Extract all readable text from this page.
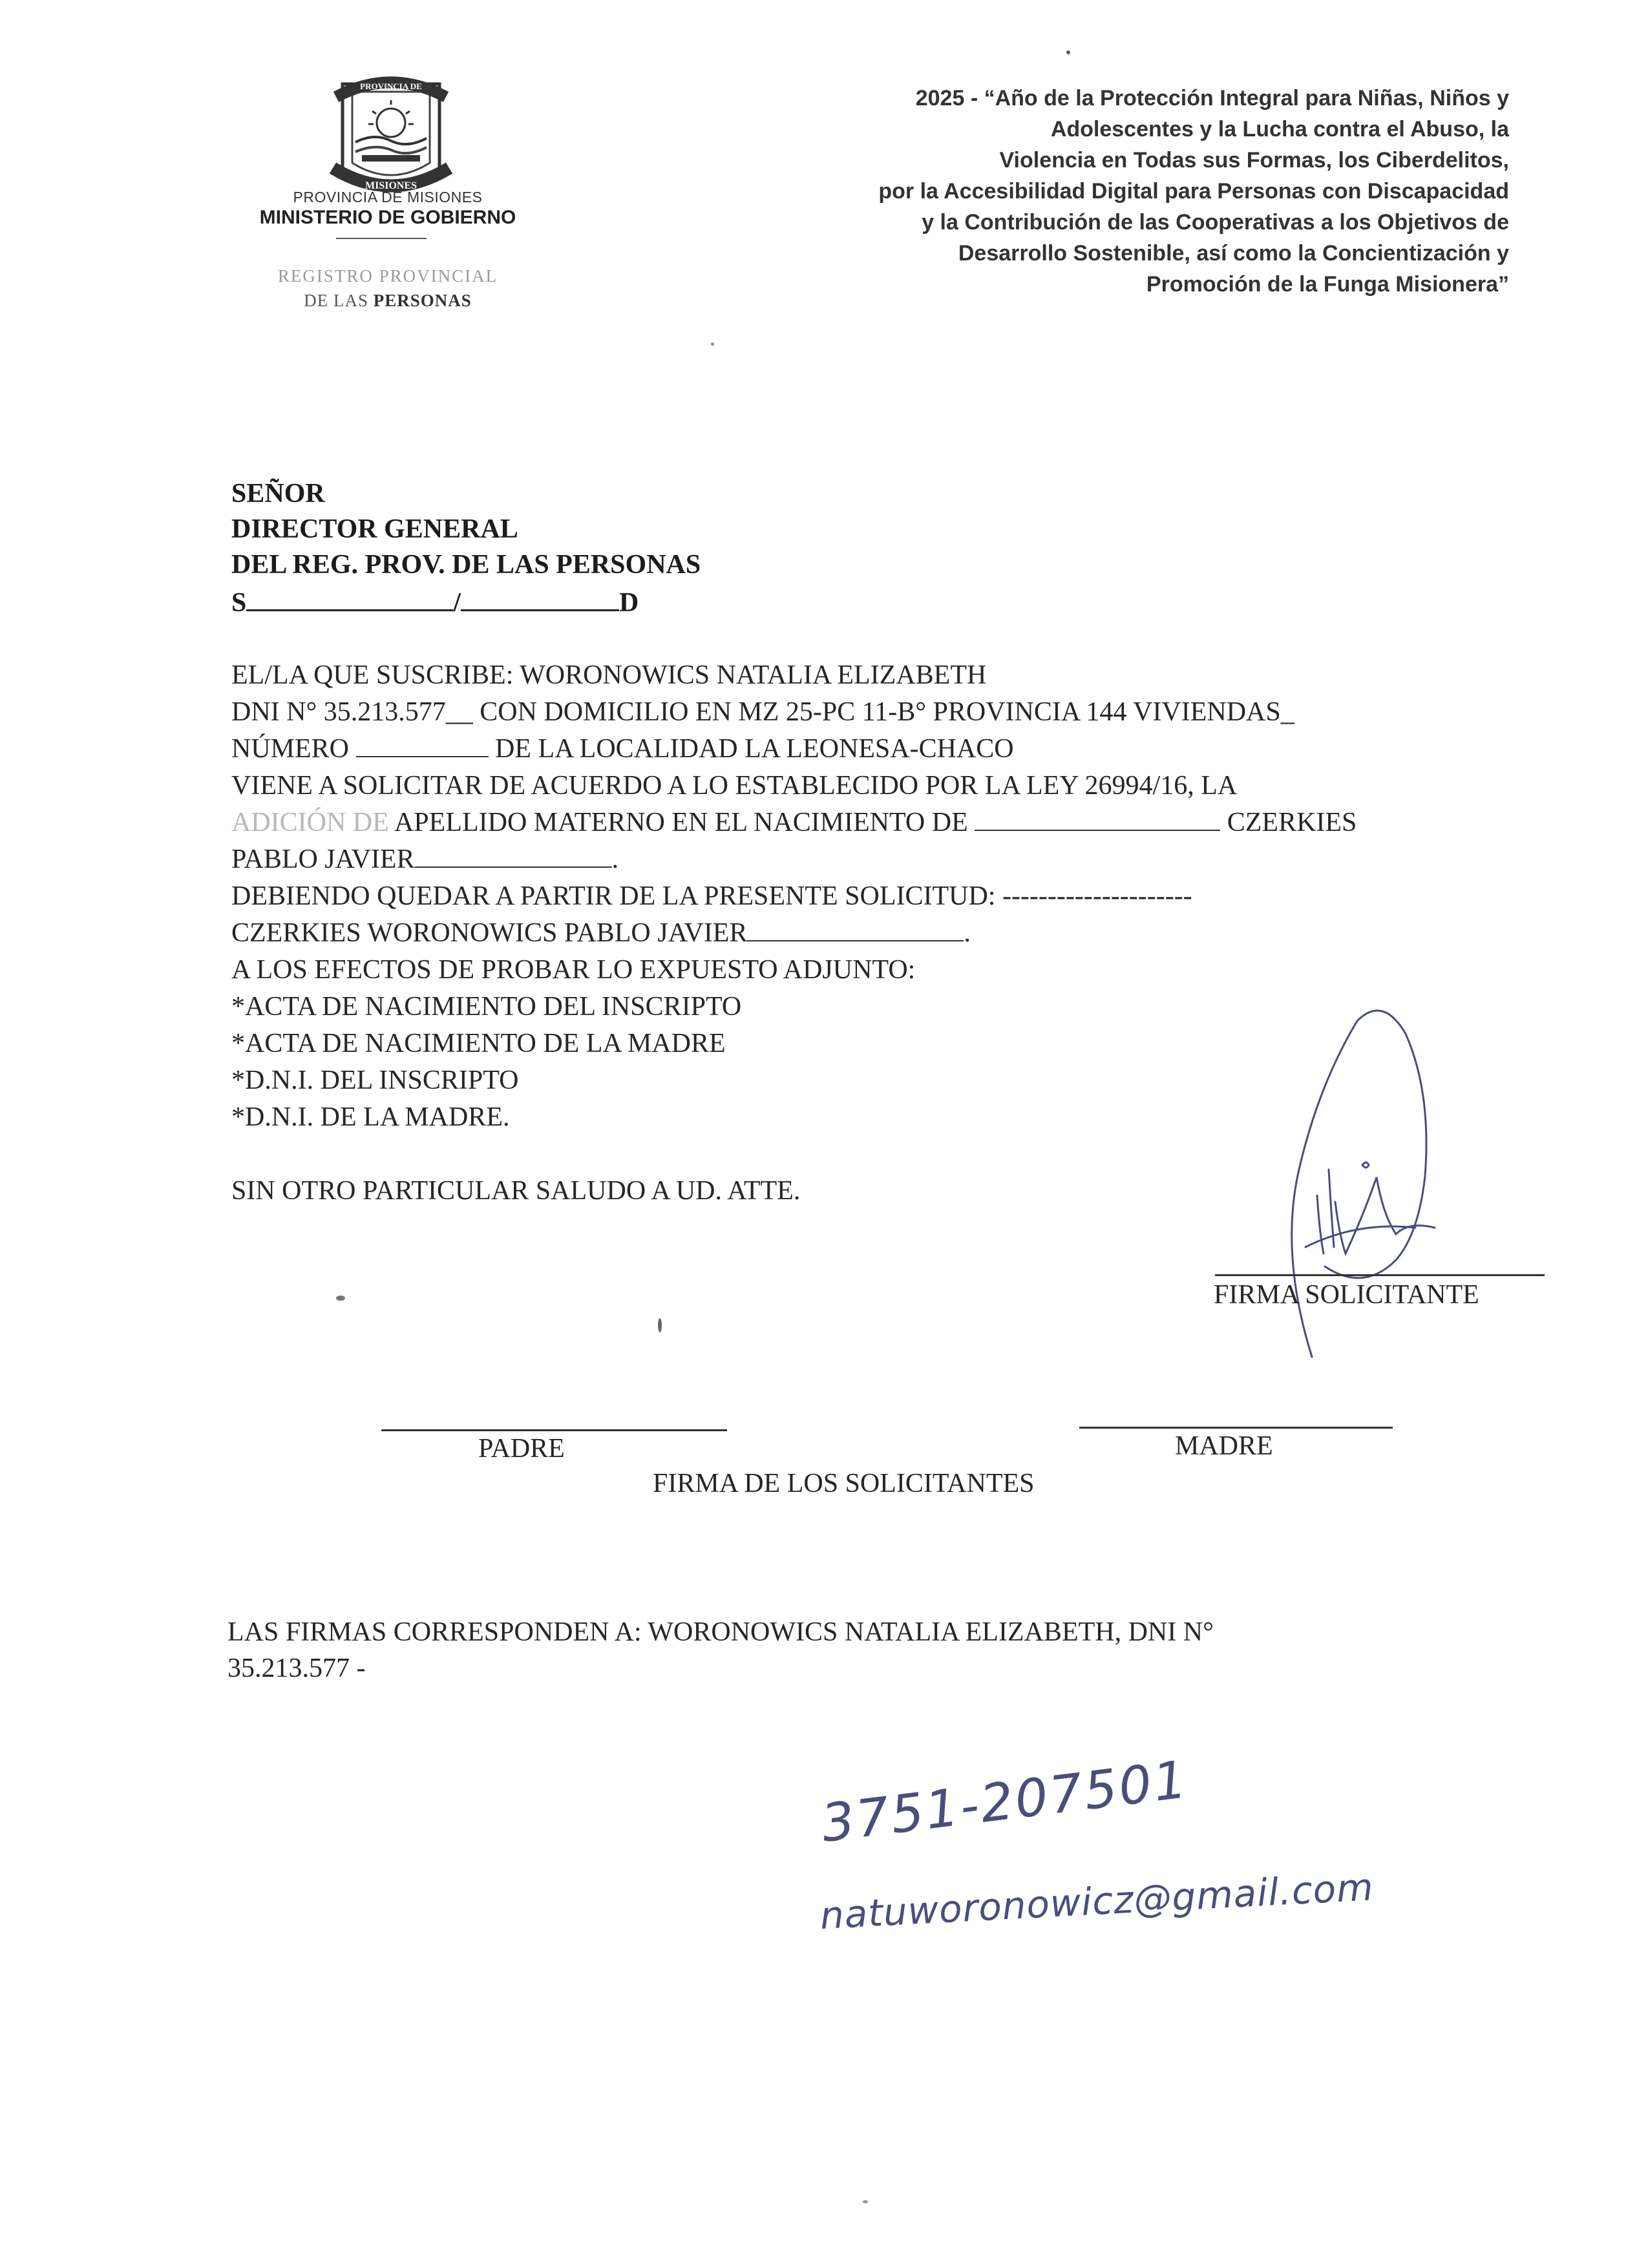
PROVINCIA DE
MISIONES
PROVINCIA DE MISIONES
MINISTERIO DE GOBIERNO
REGISTRO PROVINCIAL
DE LAS PERSONAS
2025 - “Año de la Protección Integral para Niñas, Niños y
Adolescentes y la Lucha contra el Abuso, la
Violencia en Todas sus Formas, los Ciberdelitos,
por la Accesibilidad Digital para Personas con Discapacidad
y la Contribución de las Cooperativas a los Objetivos de
Desarrollo Sostenible, así como la Concientización y
Promoción de la Funga Misionera”
SEÑOR
DIRECTOR GENERAL
DEL REG. PROV. DE LAS PERSONAS
S	/	D
EL/LA QUE SUSCRIBE: WORONOWICS NATALIA ELIZABETH
DNI N° 35.213.577__ CON DOMICILIO EN MZ 25-PC 11-B° PROVINCIA 144 VIVIENDAS_
NÚMERO	DE LA LOCALIDAD LA LEONESA-CHACO
VIENE A SOLICITAR DE ACUERDO A LO ESTABLECIDO POR LA LEY 26994/16, LA
ADICIÓN DE APELLIDO MATERNO EN EL NACIMIENTO DE	CZERKIES
PABLO JAVIER	.
DEBIENDO QUEDAR A PARTIR DE LA PRESENTE SOLICITUD: ---------------------
CZERKIES WORONOWICS PABLO JAVIER	.
A LOS EFECTOS DE PROBAR LO EXPUESTO ADJUNTO:
*ACTA DE NACIMIENTO DEL INSCRIPTO
*ACTA DE NACIMIENTO DE LA MADRE
*D.N.I. DEL INSCRIPTO
*D.N.I. DE LA MADRE.
SIN OTRO PARTICULAR SALUDO A UD. ATTE.
FIRMA SOLICITANTE
PADRE	MADRE
FIRMA DE LOS SOLICITANTES
LAS FIRMAS CORRESPONDEN A: WORONOWICS NATALIA ELIZABETH, DNI N°
35.213.577 -
3751-207501
natuworonowicz@gmail.com
